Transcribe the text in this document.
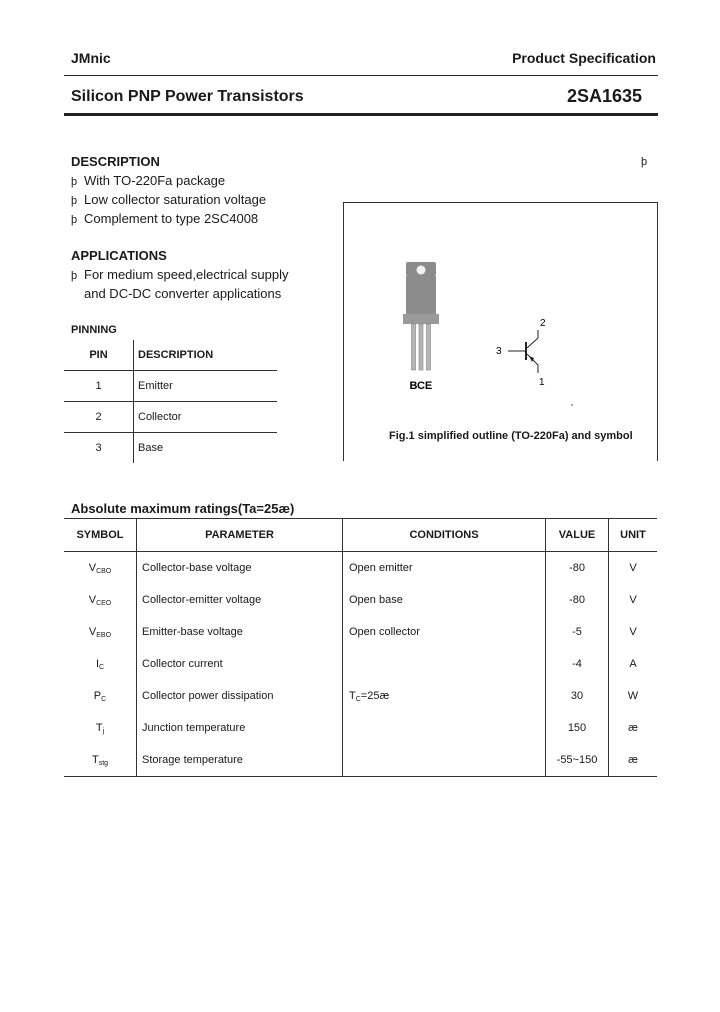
JMnic	Product Specification
Silicon PNP Power Transistors	2SA1635
DESCRIPTION
þ With TO-220Fa package
þ Low collector saturation voltage
þ Complement to type 2SC4008
þ
APPLICATIONS
þ For medium speed,electrical supply
and DC-DC converter applications
B C E
2
3
1
Fig.1 simplified outline (TO-220Fa) and symbol
PINNING
PIN	DESCRIPTION
1	Emitter
2	Collector
3	Base
Absolute maximum ratings(Ta=25æ)
SYMBOL	PARAMETER	CONDITIONS	VALUE	UNIT
$V_{CBO}$	Collector-base voltage	Open emitter	-80	V
$V_{CEO}$	Collector-emitter voltage	Open base	-80	V
$V_{EBO}$	Emitter-base voltage	Open collector	-5	V
$I_C$	Collector current		-4	A
$P_C$	Collector power dissipation	$T_C=25æ$	30	W
$T_j$	Junction temperature		150	æ
$T_{stg}$	Storage temperature		-55~150	æ
